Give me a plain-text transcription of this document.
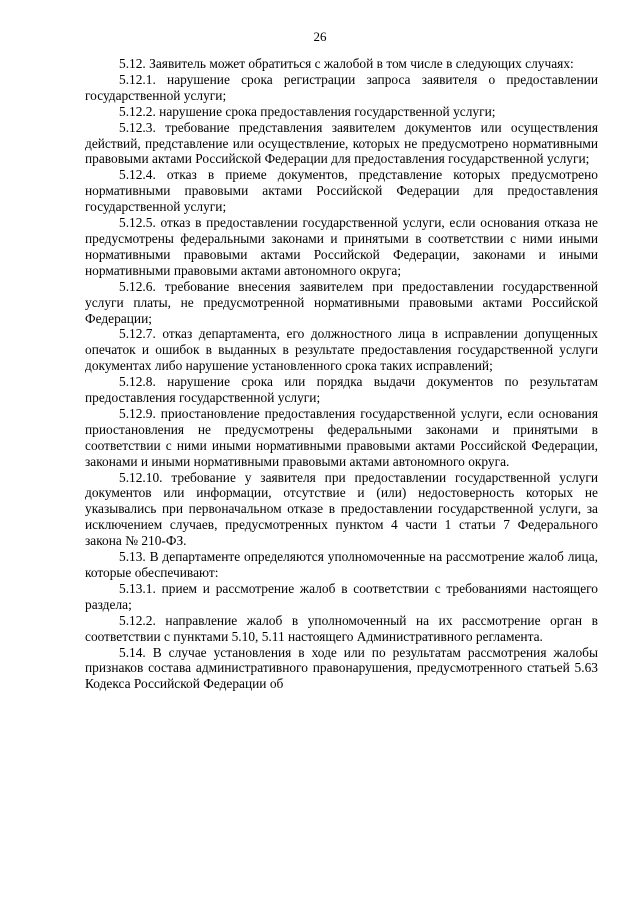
26

5.12. Заявитель может обратиться с жалобой в том числе в следующих случаях:

5.12.1. нарушение срока регистрации запроса заявителя о предоставлении государственной услуги;

5.12.2. нарушение срока предоставления государственной услуги;

5.12.3. требование представления заявителем документов или осуществления действий, представление или осуществление, которых не предусмотрено нормативными правовыми актами Российской Федерации для предоставления государственной услуги;

5.12.4. отказ в приеме документов, представление которых предусмотрено нормативными правовыми актами Российской Федерации для предоставления государственной услуги;

5.12.5. отказ в предоставлении государственной услуги, если основания отказа не предусмотрены федеральными законами и принятыми в соответствии с ними иными нормативными правовыми актами Российской Федерации, законами и иными нормативными правовыми актами автономного округа;

5.12.6. требование внесения заявителем при предоставлении государственной услуги платы, не предусмотренной нормативными правовыми актами Российской Федерации;

5.12.7. отказ департамента, его должностного лица в исправлении допущенных опечаток и ошибок в выданных в результате предоставления государственной услуги документах либо нарушение установленного срока таких исправлений;

5.12.8. нарушение срока или порядка выдачи документов по результатам предоставления государственной услуги;

5.12.9. приостановление предоставления государственной услуги, если основания приостановления не предусмотрены федеральными законами и принятыми в соответствии с ними иными нормативными правовыми актами Российской Федерации, законами и иными нормативными правовыми актами автономного округа.

5.12.10. требование у заявителя при предоставлении государственной услуги документов или информации, отсутствие и (или) недостоверность которых не указывались при первоначальном отказе в предоставлении государственной услуги, за исключением случаев, предусмотренных пунктом 4 части 1 статьи 7 Федерального закона № 210-ФЗ.

5.13. В департаменте определяются уполномоченные на рассмотрение жалоб лица, которые обеспечивают:

5.13.1. прием и рассмотрение жалоб в соответствии с требованиями настоящего раздела;

5.12.2. направление жалоб в уполномоченный на их рассмотрение орган в соответствии с пунктами 5.10, 5.11 настоящего Административного регламента.

5.14. В случае установления в ходе или по результатам рассмотрения жалобы признаков состава административного правонарушения, предусмотренного статьей 5.63 Кодекса Российской Федерации об
